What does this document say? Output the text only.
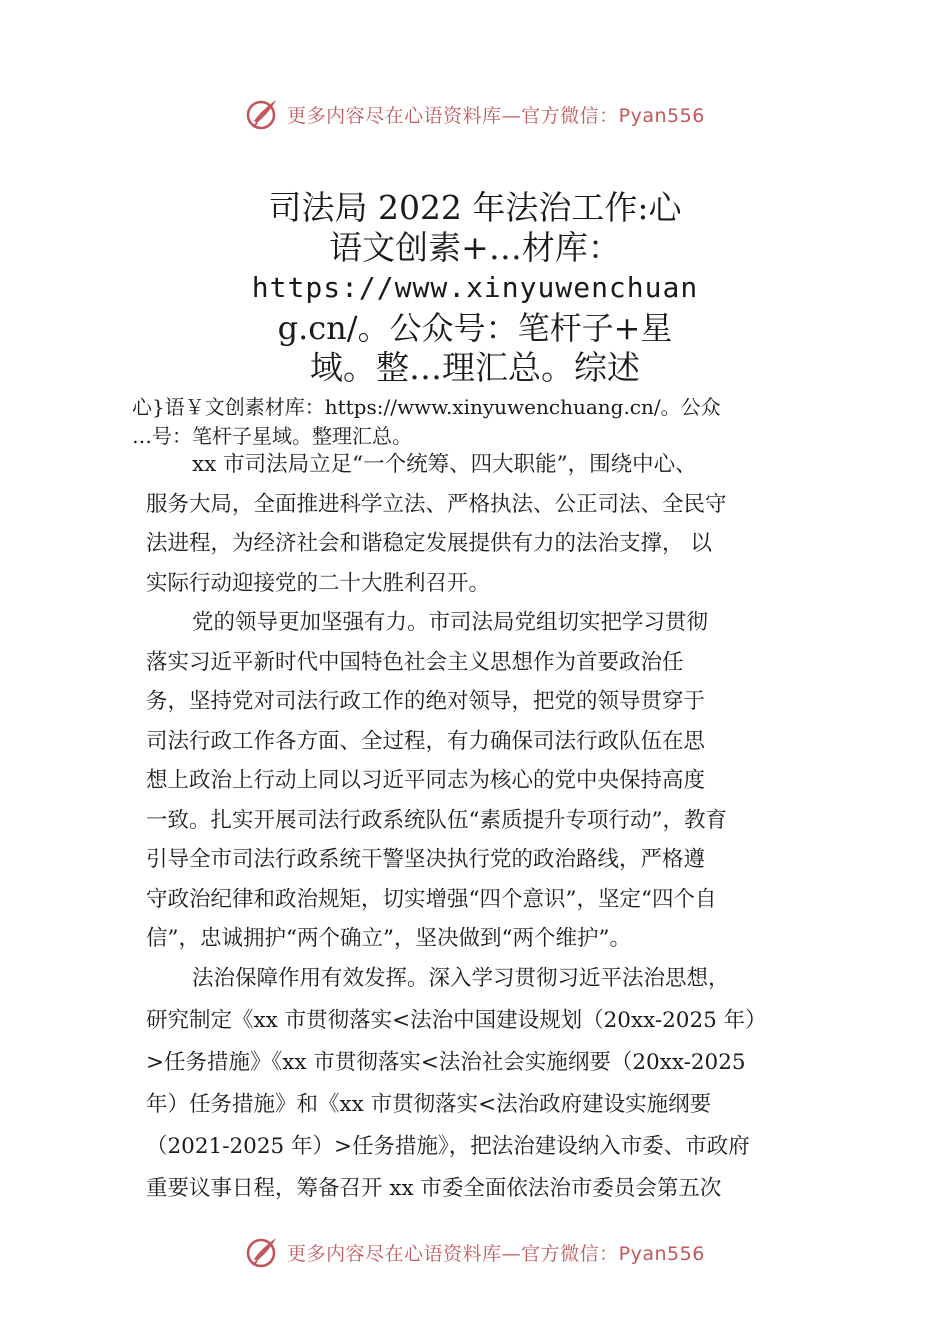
更多内容尽在心语资料库—官方微信：Pyan556
司法局 2022 年法治工作:心
语文创素+…材库：
https://www.xinyuwenchuan
g.cn/。公众号：笔杆子+星
域。整…理汇总。综述
心}语￥文创素材库：https://www.xinyuwenchuang.cn/。公众
…号：笔杆子星域。整理汇总。
xx 市司法局立足“一个统筹、四大职能”，围绕中心、
服务大局，全面推进科学立法、严格执法、公正司法、全民守
法进程，为经济社会和谐稳定发展提供有力的法治支撑， 以
实际行动迎接党的二十大胜利召开。
党的领导更加坚强有力。市司法局党组切实把学习贯彻
落实习近平新时代中国特色社会主义思想作为首要政治任
务，坚持党对司法行政工作的绝对领导，把党的领导贯穿于
司法行政工作各方面、全过程，有力确保司法行政队伍在思
想上政治上行动上同以习近平同志为核心的党中央保持高度
一致。扎实开展司法行政系统队伍“素质提升专项行动”，教育
引导全市司法行政系统干警坚决执行党的政治路线，严格遵
守政治纪律和政治规矩，切实增强“四个意识”，坚定“四个自
信”，忠诚拥护“两个确立”，坚决做到“两个维护”。
法治保障作用有效发挥。深入学习贯彻习近平法治思想，
研究制定《xx 市贯彻落实<法治中国建设规划（20xx-2025 年）
>任务措施》《xx 市贯彻落实<法治社会实施纲要（20xx-2025
年）任务措施》和《xx 市贯彻落实<法治政府建设实施纲要
（2021-2025 年）>任务措施》，把法治建设纳入市委、市政府
重要议事日程，筹备召开 xx 市委全面依法治市委员会第五次
更多内容尽在心语资料库—官方微信：Pyan556
